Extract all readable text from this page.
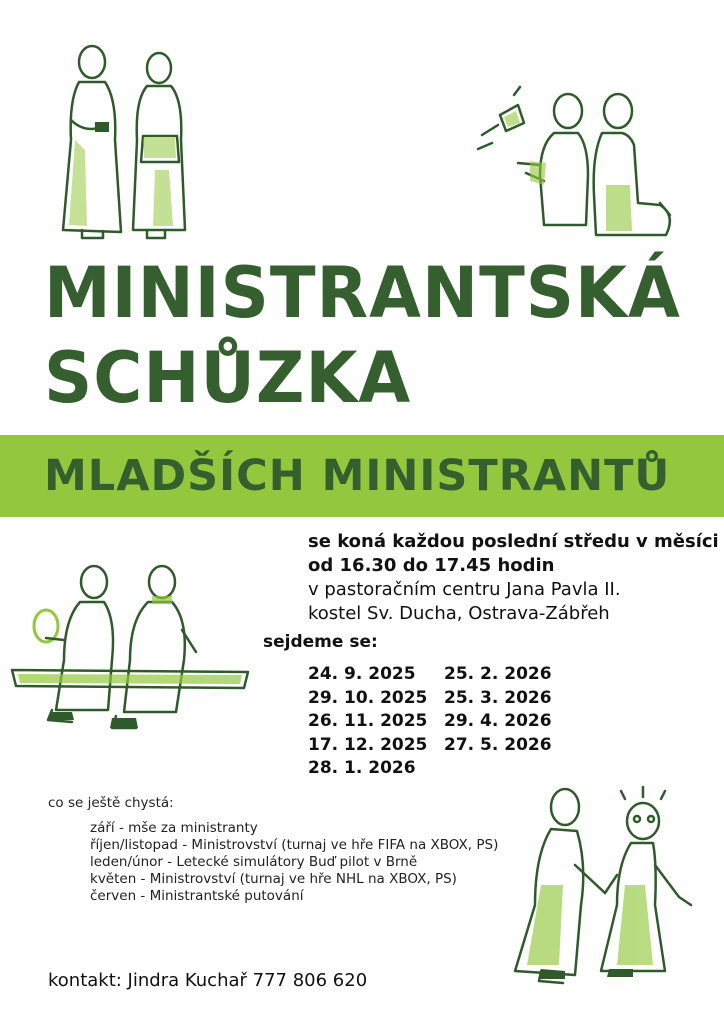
MINISTRANTSKÁ
SCHŮZKA
MLADŠÍCH MINISTRANTŮ
se koná každou poslední středu v měsíci
od 16.30 do 17.45 hodin
v pastoračním centru Jana Pavla II.
kostel Sv. Ducha, Ostrava-Zábřeh
sejdeme se:
24. 9. 2025
29. 10. 2025
26. 11. 2025
17. 12. 2025
28. 1. 2026
25. 2. 2026
25. 3. 2026
29. 4. 2026
27. 5. 2026
co se ještě chystá:
září - mše za ministranty
říjen/listopad - Ministrovství (turnaj ve hře FIFA na XBOX, PS)
leden/únor - Letecké simulátory Buď pilot v Brně
květen - Ministrovství (turnaj ve hře NHL na XBOX, PS)
červen - Ministrantské putování
kontakt: Jindra Kuchař 777 806 620
